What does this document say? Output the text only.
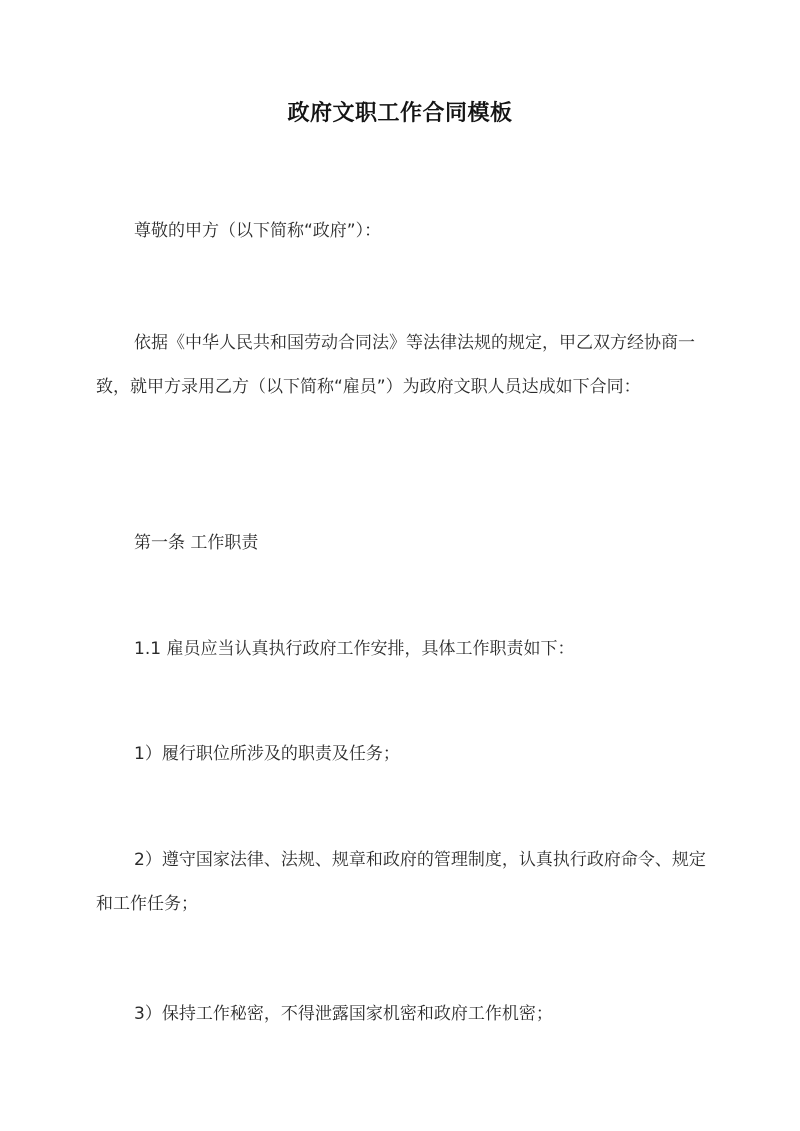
政府文职工作合同模板

尊敬的甲方（以下简称“政府”）：

依据《中华人民共和国劳动合同法》等法律法规的规定，甲乙双方经协商一致，就甲方录用乙方（以下简称“雇员”）为政府文职人员达成如下合同：

第一条 工作职责

1.1 雇员应当认真执行政府工作安排，具体工作职责如下：

1）履行职位所涉及的职责及任务；

2）遵守国家法律、法规、规章和政府的管理制度，认真执行政府命令、规定和工作任务；

3）保持工作秘密，不得泄露国家机密和政府工作机密；
